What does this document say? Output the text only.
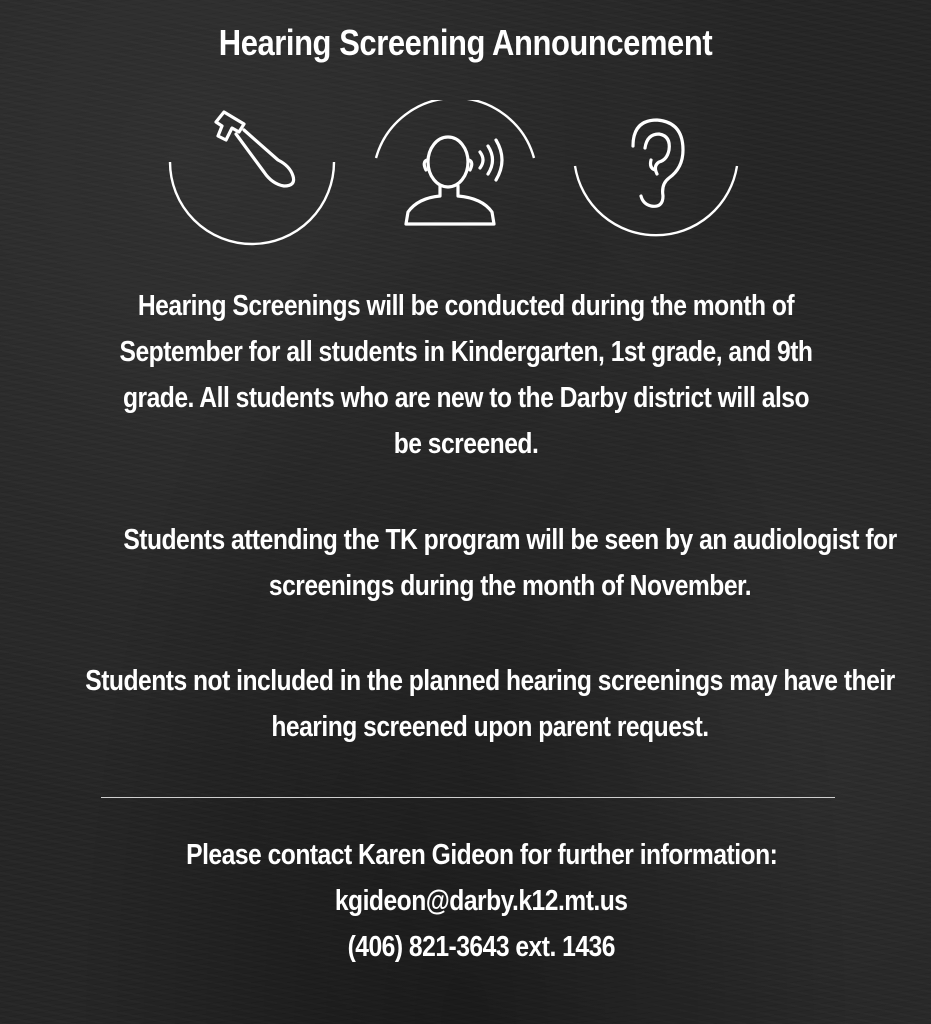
Hearing Screening Announcement

Hearing Screenings will be conducted during the month of September for all students in Kindergarten, 1st grade, and 9th grade. All students who are new to the Darby district will also be screened.

Students attending the TK program will be seen by an audiologist for screenings during the month of November.

Students not included in the planned hearing screenings may have their hearing screened upon parent request.

Please contact Karen Gideon for further information:

kgideon@darby.k12.mt.us

(406) 821-3643 ext. 1436
